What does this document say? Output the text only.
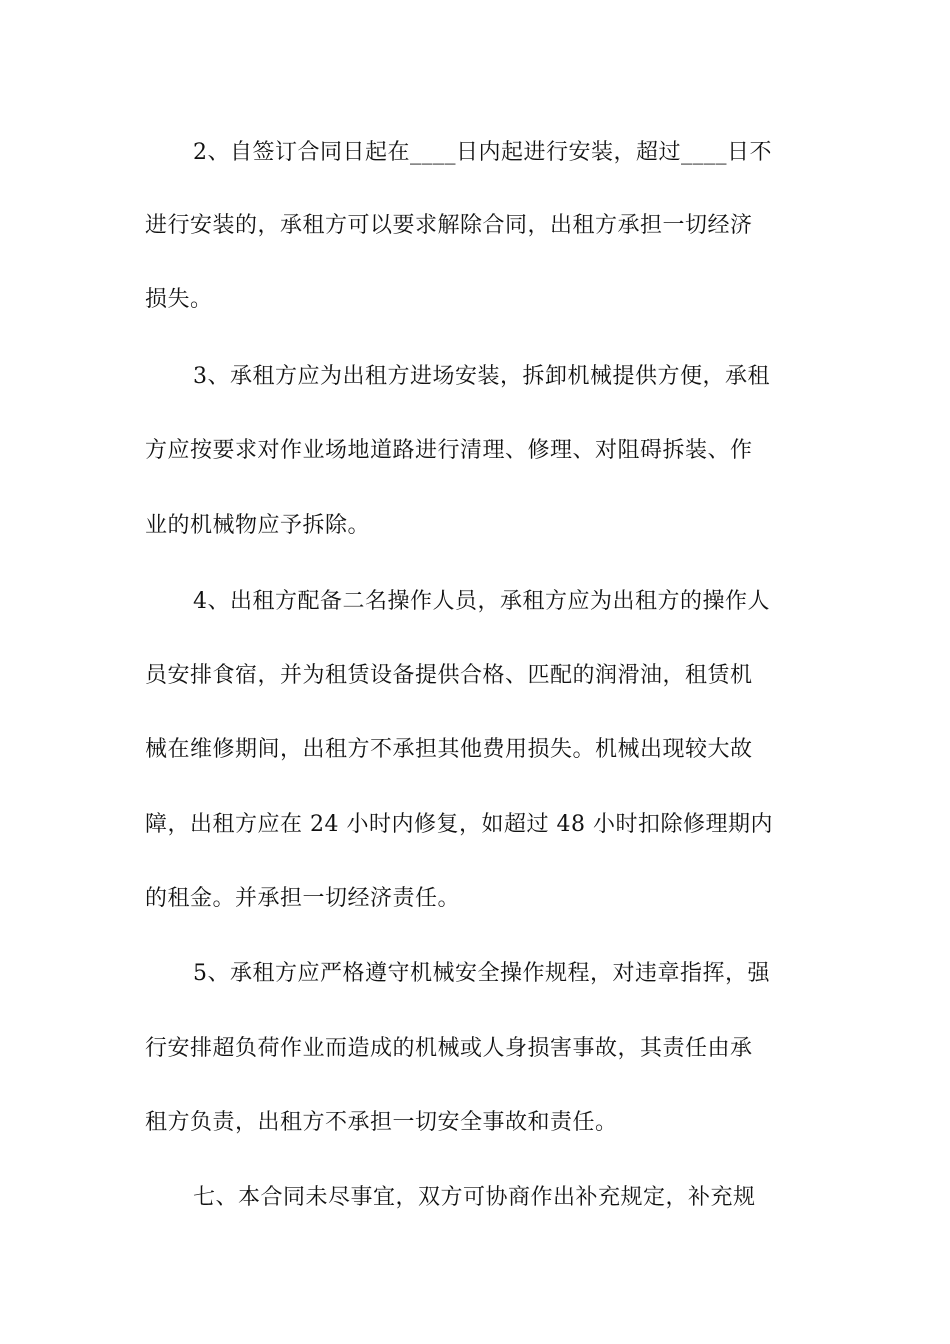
2、自签订合同日起在____日内起进行安装，超过____日不
进行安装的，承租方可以要求解除合同，出租方承担一切经济
损失。
3、承租方应为出租方进场安装，拆卸机械提供方便，承租
方应按要求对作业场地道路进行清理、修理、对阻碍拆装、作
业的机械物应予拆除。
4、出租方配备二名操作人员，承租方应为出租方的操作人
员安排食宿，并为租赁设备提供合格、匹配的润滑油，租赁机
械在维修期间，出租方不承担其他费用损失。机械出现较大故
障，出租方应在 24 小时内修复，如超过 48 小时扣除修理期内
的租金。并承担一切经济责任。
5、承租方应严格遵守机械安全操作规程，对违章指挥，强
行安排超负荷作业而造成的机械或人身损害事故，其责任由承
租方负责，出租方不承担一切安全事故和责任。
七、本合同未尽事宜，双方可协商作出补充规定，补充规
